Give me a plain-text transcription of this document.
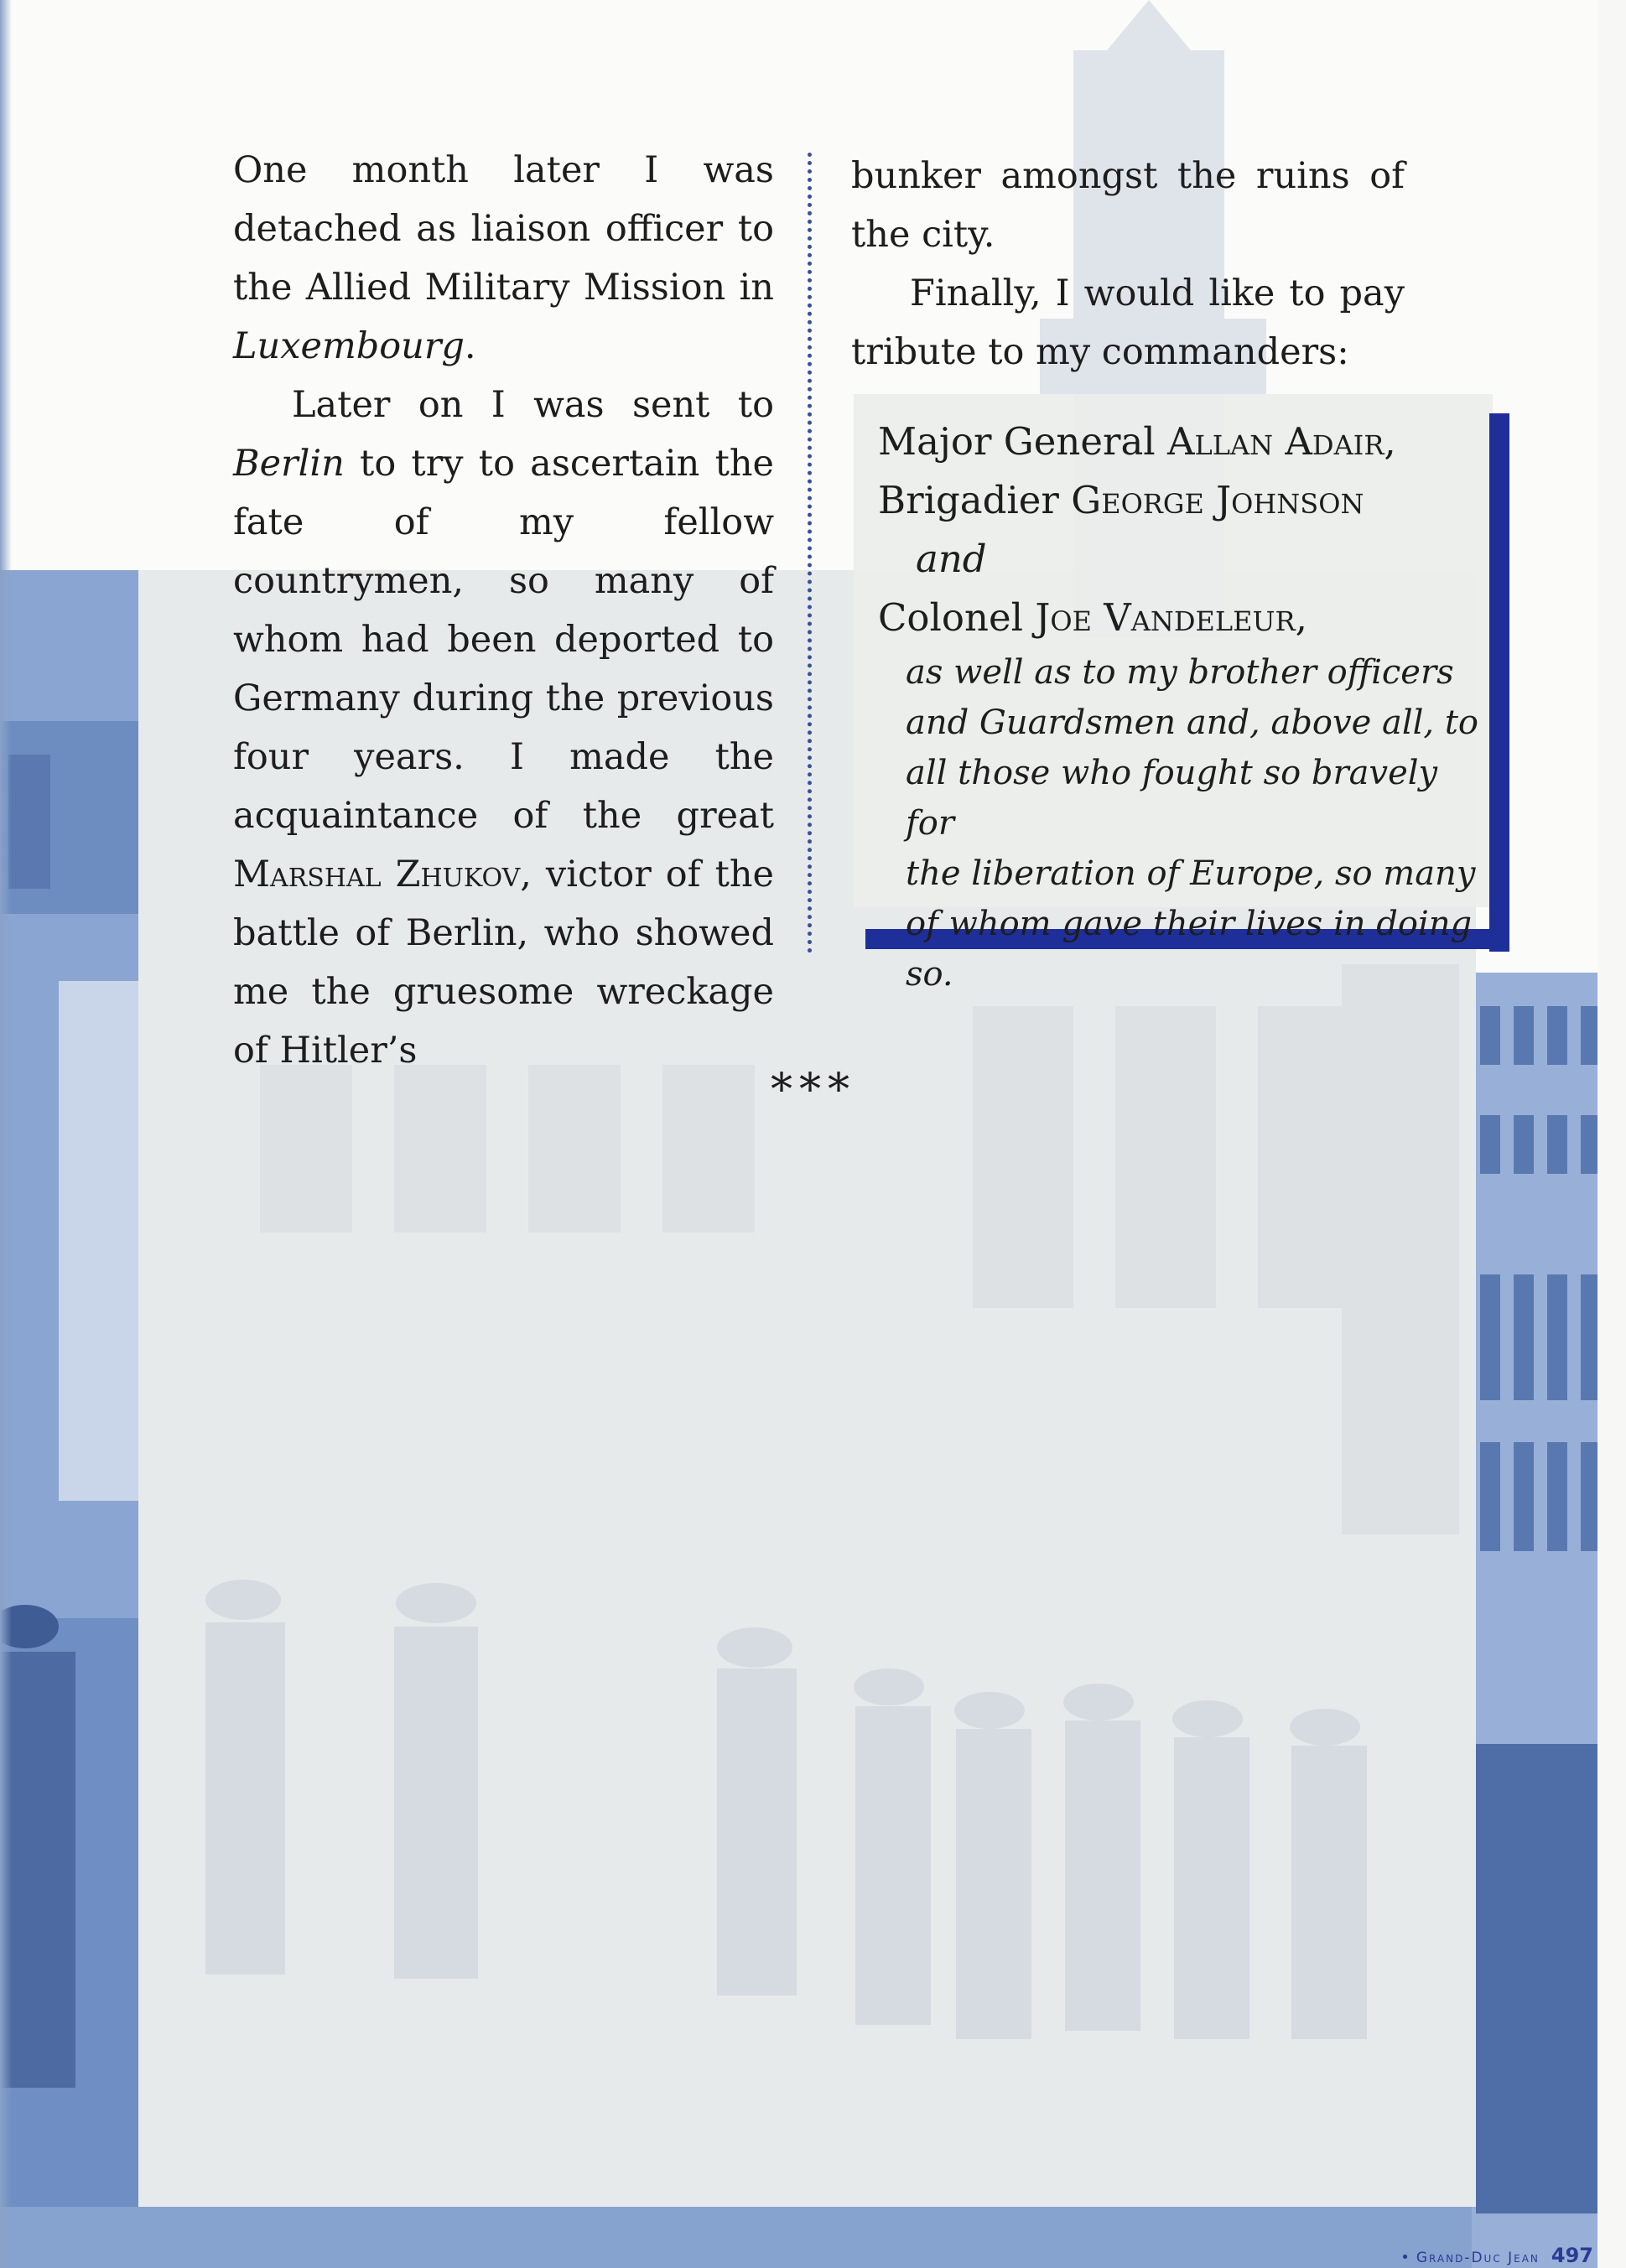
One month later I was detached as liaison officer to the Allied Military Mission in Luxembourg.

Later on I was sent to Berlin to try to ascertain the fate of my fellow countrymen, so many of whom had been deported to Germany during the previous four years. I made the acquaintance of the great Marshal Zhukov, victor of the battle of Berlin, who showed me the gruesome wreckage of Hitler’s

bunker amongst the ruins of the city.

Finally, I would like to pay tribute to my commanders:

Major General Allan Adair,
Brigadier George Johnson
and
Colonel Joe Vandeleur,
as well as to my brother officers
and Guardsmen and, above all, to
all those who fought so bravely for
the liberation of Europe, so many
of whom gave their lives in doing so.
***
• Grand-Duc Jean 497
